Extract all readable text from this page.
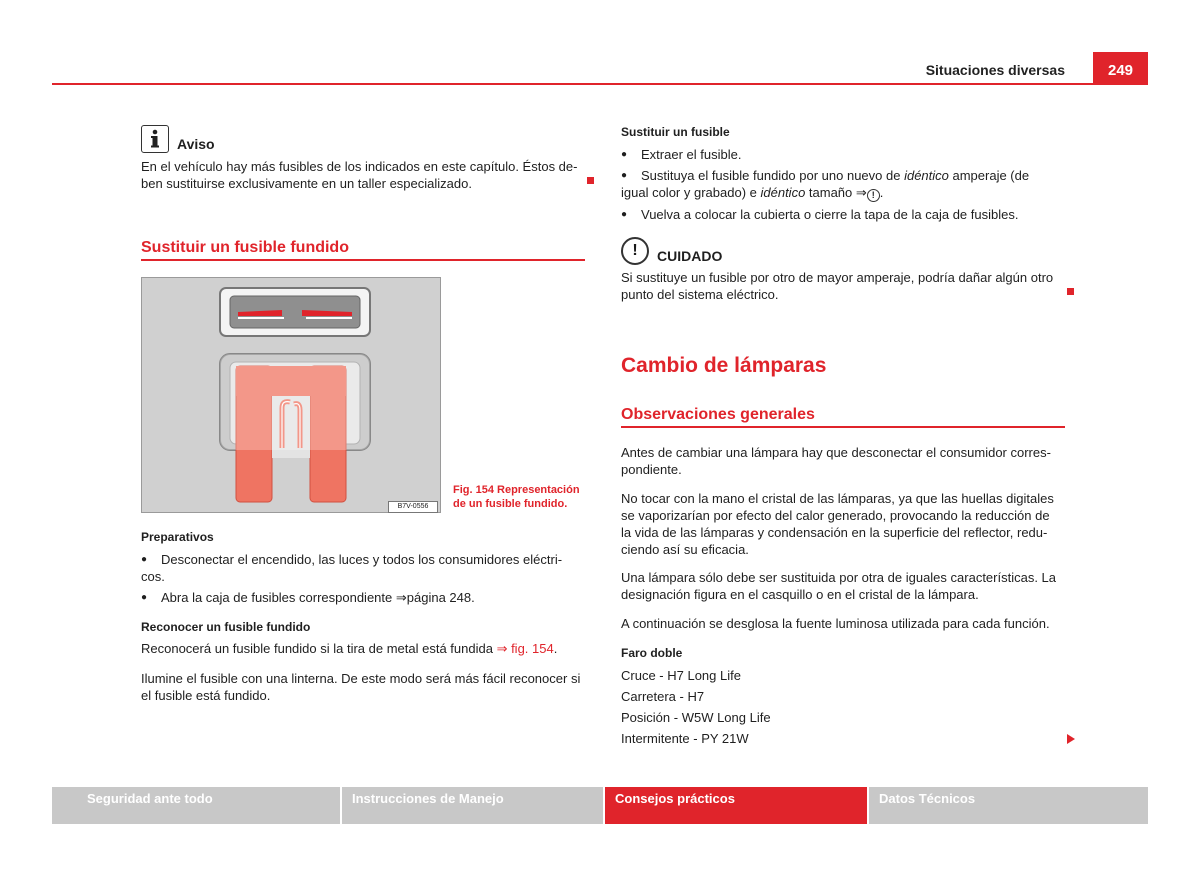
Situaciones diversas	249
Aviso
En el vehículo hay más fusibles de los indicados en este capítulo. Éstos de-
ben sustituirse exclusivamente en un taller especializado.
Sustituir un fusible fundido
B7V-0556
Fig. 154 Representación
de un fusible fundido.
Preparativos
●	Desconectar el encendido, las luces y todos los consumidores eléctri-
cos.
●	Abra la caja de fusibles correspondiente ⇒página 248.
Reconocer un fusible fundido
Reconocerá un fusible fundido si la tira de metal está fundida ⇒ fig. 154.
Ilumine el fusible con una linterna. De este modo será más fácil reconocer si
el fusible está fundido.
Sustituir un fusible
●	Extraer el fusible.
●	Sustituya el fusible fundido por uno nuevo de idéntico amperaje (de
igual color y grabado) e idéntico tamaño ⇒ ! .
●	Vuelva a colocar la cubierta o cierre la tapa de la caja de fusibles.
!	CUIDADO
Si sustituye un fusible por otro de mayor amperaje, podría dañar algún otro
punto del sistema eléctrico.
Cambio de lámparas
Observaciones generales
Antes de cambiar una lámpara hay que desconectar el consumidor corres-
pondiente.
No tocar con la mano el cristal de las lámparas, ya que las huellas digitales
se vaporizarían por efecto del calor generado, provocando la reducción de
la vida de las lámparas y condensación en la superficie del reflector, redu-
ciendo así su eficacia.
Una lámpara sólo debe ser sustituida por otra de iguales características. La
designación figura en el casquillo o en el cristal de la lámpara.
A continuación se desglosa la fuente luminosa utilizada para cada función.
Faro doble
Cruce - H7 Long Life
Carretera - H7
Posición - W5W Long Life
Intermitente - PY 21W
Seguridad ante todo	Instrucciones de Manejo	Consejos prácticos	Datos Técnicos
